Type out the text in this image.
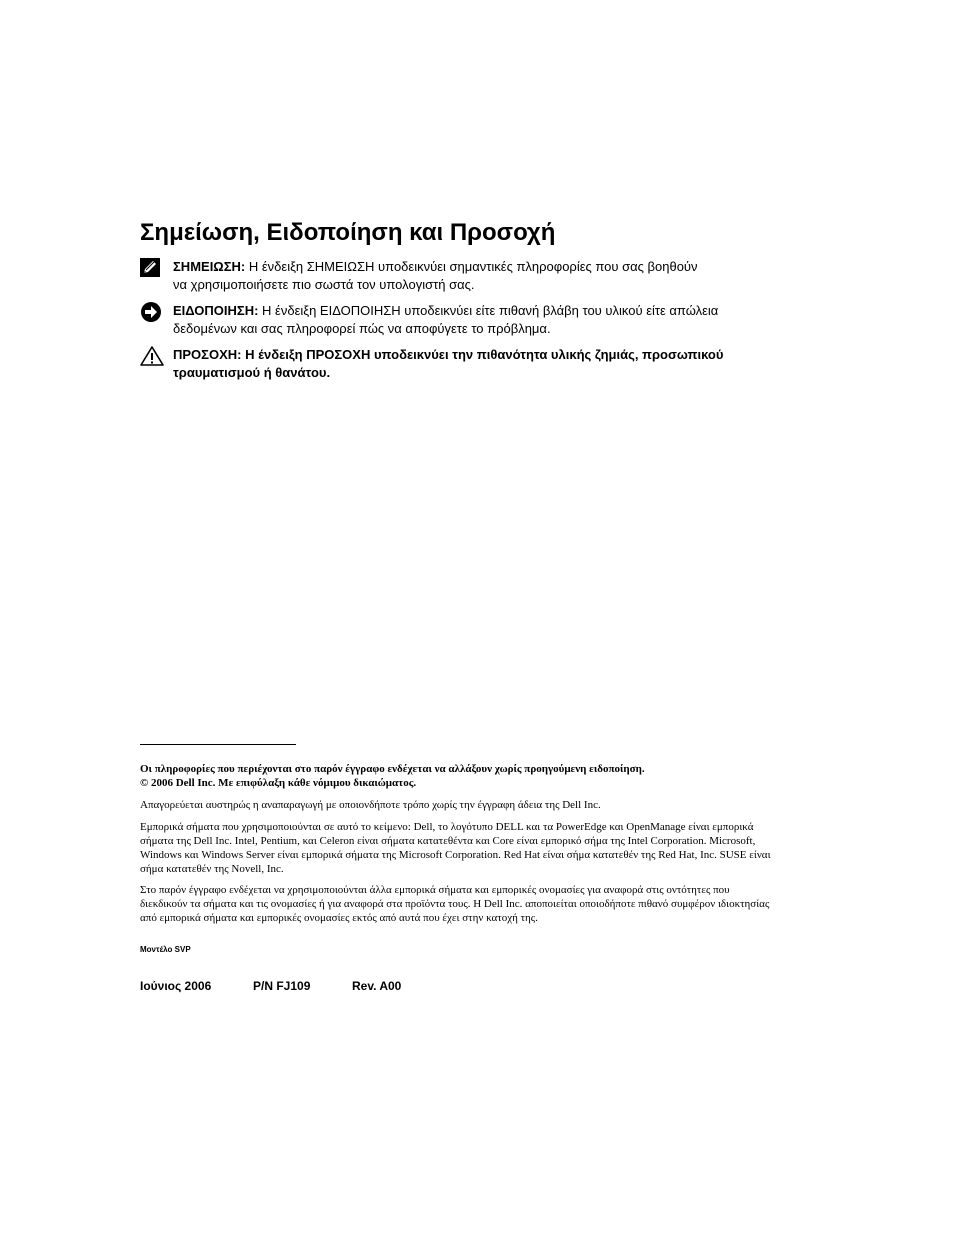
Σημείωση, Ειδοποίηση και Προσοχή
ΣΗΜΕΙΩΣΗ: Η ένδειξη ΣΗΜΕΙΩΣΗ υποδεικνύει σημαντικές πληροφορίες που σας βοηθούν
να χρησιμοποιήσετε πιο σωστά τον υπολογιστή σας.
ΕΙΔΟΠΟΙΗΣΗ: Η ένδειξη ΕΙΔΟΠΟΙΗΣΗ υποδεικνύει είτε πιθανή βλάβη του υλικού είτε απώλεια
δεδομένων και σας πληροφορεί πώς να αποφύγετε το πρόβλημα.
ΠΡΟΣΟΧΗ: Η ένδειξη ΠΡΟΣΟΧΗ υποδεικνύει την πιθανότητα υλικής ζημιάς, προσωπικού
τραυματισμού ή θανάτου.
Οι πληροφορίες που περιέχονται στο παρόν έγγραφο ενδέχεται να αλλάξουν χωρίς προηγούμενη ειδοποίηση.
© 2006 Dell Inc. Με επιφύλαξη κάθε νόμιμου δικαιώματος.
Απαγορεύεται αυστηρώς η αναπαραγωγή με οποιονδήποτε τρόπο χωρίς την έγγραφη άδεια της Dell Inc.
Εμπορικά σήματα που χρησιμοποιούνται σε αυτό το κείμενο: Dell, το λογότυπο DELL και τα PowerEdge και OpenManage είναι εμπορικά
σήματα της Dell Inc. Intel, Pentium, και Celeron είναι σήματα κατατεθέντα και Core είναι εμπορικό σήμα της Intel Corporation. Microsoft,
Windows και Windows Server είναι εμπορικά σήματα της Microsoft Corporation. Red Hat είναι σήμα κατατεθέν της Red Hat, Inc. SUSE είναι
σήμα κατατεθέν της Novell, Inc.
Στο παρόν έγγραφο ενδέχεται να χρησιμοποιούνται άλλα εμπορικά σήματα και εμπορικές ονομασίες για αναφορά στις οντότητες που
διεκδικούν τα σήματα και τις ονομασίες ή για αναφορά στα προϊόντα τους. Η Dell Inc. αποποιείται οποιοδήποτε πιθανό συμφέρον ιδιοκτησίας
από εμπορικά σήματα και εμπορικές ονομασίες εκτός από αυτά που έχει στην κατοχή της.
Μοντέλο SVP
Ιούνιος 2006	P/N FJ109	Rev. A00
